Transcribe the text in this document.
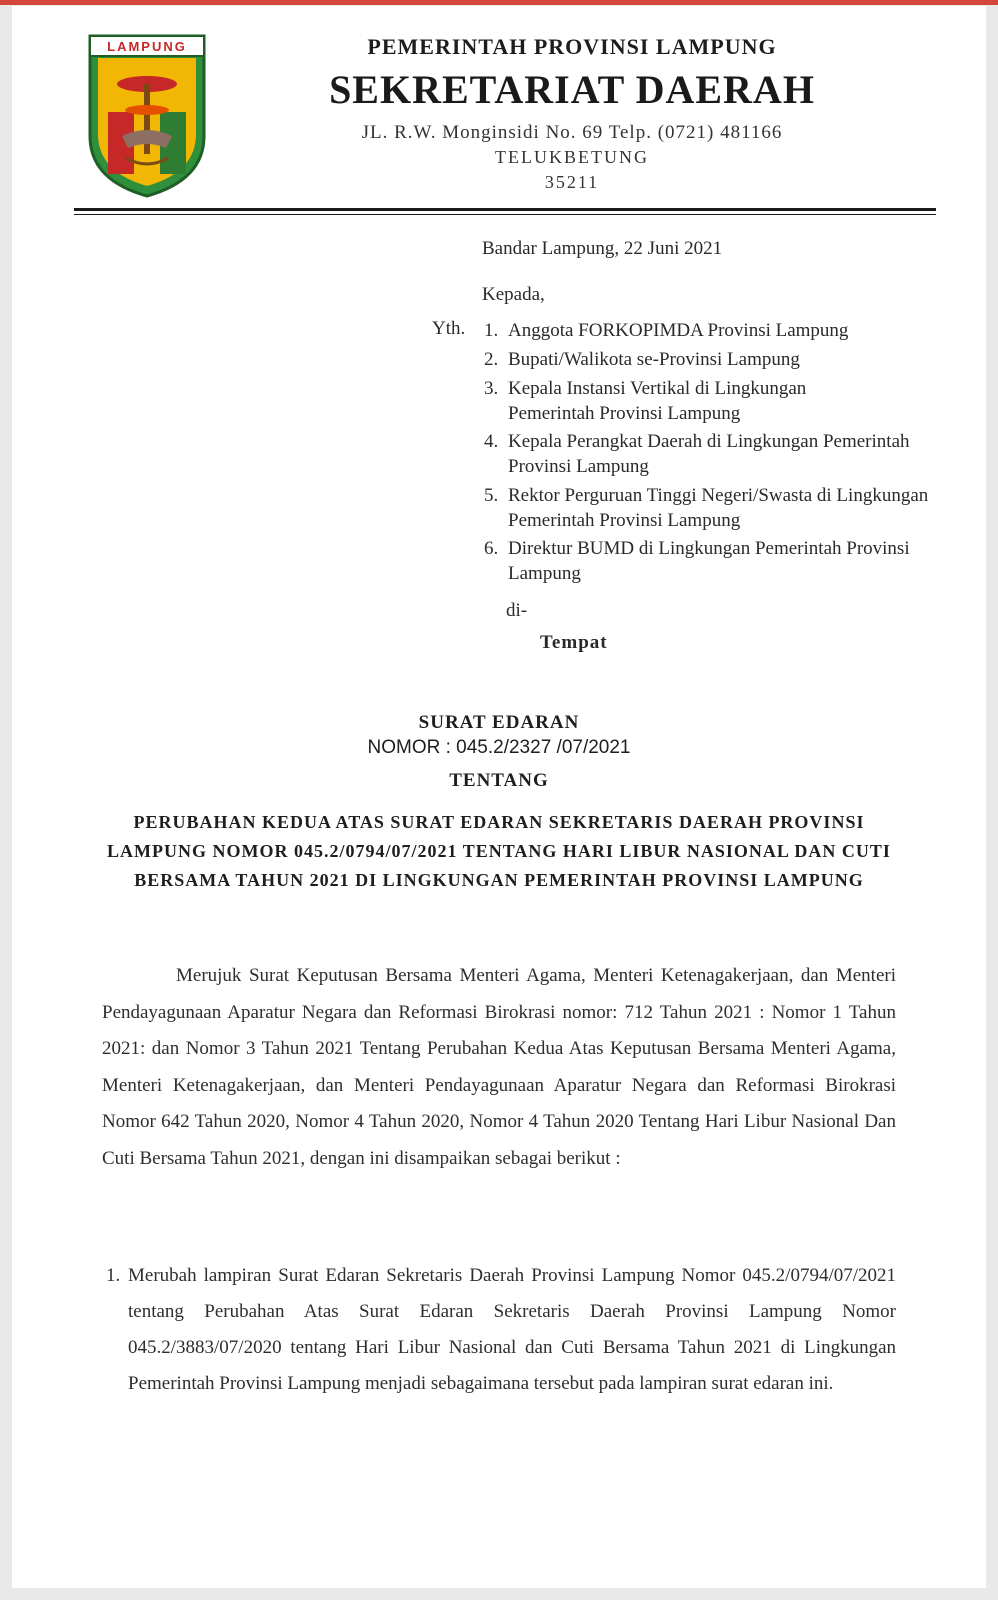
LAMPUNG	PEMERINTAH PROVINSI LAMPUNG
SEKRETARIAT DAERAH
JL. R.W. Monginsidi No. 69 Telp. (0721) 481166
TELUKBETUNG
35211
Bandar Lampung, 22 Juni 2021
Kepada,
Yth. 1. Anggota FORKOPIMDA Provinsi Lampung
2. Bupati/Walikota se-Provinsi Lampung
3. Kepala Instansi Vertikal di Lingkungan Pemerintah Provinsi Lampung
4. Kepala Perangkat Daerah di Lingkungan Pemerintah Provinsi Lampung
5. Rektor Perguruan Tinggi Negeri/Swasta di Lingkungan Pemerintah Provinsi Lampung
6. Direktur BUMD di Lingkungan Pemerintah Provinsi Lampung
di-
Tempat
SURAT EDARAN
NOMOR : 045.2/2327 /07/2021
TENTANG
PERUBAHAN KEDUA ATAS SURAT EDARAN SEKRETARIS DAERAH PROVINSI LAMPUNG NOMOR 045.2/0794/07/2021 TENTANG HARI LIBUR NASIONAL DAN CUTI BERSAMA TAHUN 2021 DI LINGKUNGAN PEMERINTAH PROVINSI LAMPUNG
Merujuk Surat Keputusan Bersama Menteri Agama, Menteri Ketenagakerjaan, dan Menteri Pendayagunaan Aparatur Negara dan Reformasi Birokrasi nomor: 712 Tahun 2021 : Nomor 1 Tahun 2021: dan Nomor 3 Tahun 2021 Tentang Perubahan Kedua Atas Keputusan Bersama Menteri Agama, Menteri Ketenagakerjaan, dan Menteri Pendayagunaan Aparatur Negara dan Reformasi Birokrasi Nomor 642 Tahun 2020, Nomor 4 Tahun 2020, Nomor 4 Tahun 2020 Tentang Hari Libur Nasional Dan Cuti Bersama Tahun 2021, dengan ini disampaikan sebagai berikut :
1. Merubah lampiran Surat Edaran Sekretaris Daerah Provinsi Lampung Nomor 045.2/0794/07/2021 tentang Perubahan Atas Surat Edaran Sekretaris Daerah Provinsi Lampung Nomor 045.2/3883/07/2020 tentang Hari Libur Nasional dan Cuti Bersama Tahun 2021 di Lingkungan Pemerintah Provinsi Lampung menjadi sebagaimana tersebut pada lampiran surat edaran ini.
